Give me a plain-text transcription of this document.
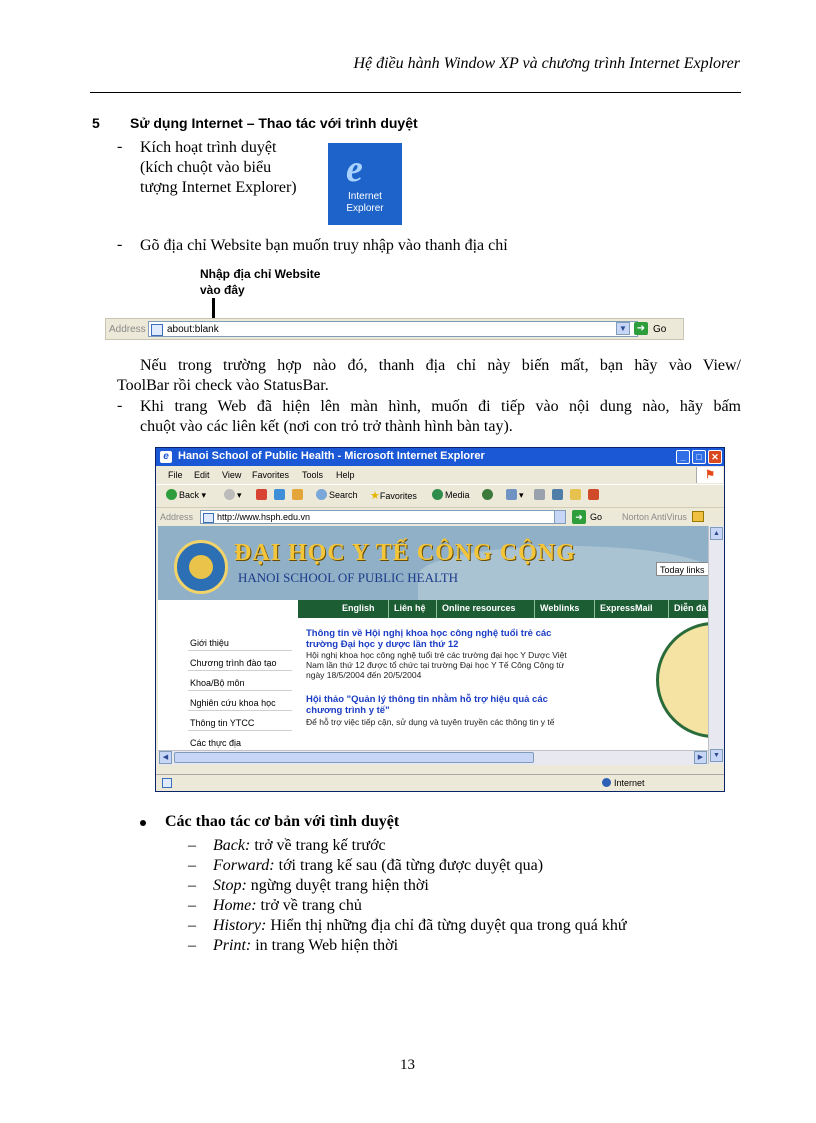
Hệ điều hành Window XP và chương trình Internet Explorer
5 Sử dụng Internet – Thao tác với trình duyệt
- Kích hoạt trình duyệt
(kích chuột vào biểu
tượng Internet Explorer) e
Internet
Explorer
- Gõ địa chỉ Website bạn muốn truy nhập vào thanh địa chỉ
Nhập địa chỉ Website
vào đây
Address about:blank	▼ ➜ Go
Nếu trong trường hợp nào đó, thanh địa chỉ này biến mất, bạn hãy vào View/
ToolBar rồi check vào StatusBar.
- Khi trang Web đã hiện lên màn hình, muốn đi tiếp vào nội dung nào, hãy bấm
chuột vào các liên kết (nơi con trỏ trở thành hình bàn tay).
e Hanoi School of Public Health - Microsoft Internet Explorer	_	□	✕
File Edit View Favorites Tools Help	⚑
Back ▾	▾	Search ★Favorites	Media	▾
Address	http://www.hsph.edu.vn	➜ Go Norton AntiVirus
ĐẠI HỌC Y TẾ CÔNG CỘNG
HANOI SCHOOL OF PUBLIC HEALTH	Today links
English Liên hệ Online resources	Weblinks ExpressMail Diễn đà
Giới thiệu
Chương trình đào tạo
Khoa/Bộ môn
Nghiên cứu khoa học
Thông tin YTCC
Các thực địa
Thông tin về Hội nghị khoa học công nghệ tuổi trẻ các
trường Đại học y dược lần thứ 12
Hội nghị khoa học công nghệ tuổi trẻ các trường đại học Y Dược Việt
Nam lần thứ 12 được tổ chức tại trường Đại học Y Tế Công Cộng từ
ngày 18/5/2004 đến 20/5/2004
Hội thảo "Quản lý thông tin nhằm hỗ trợ hiệu quả các
chương trình y tế"
Để hỗ trợ việc tiếp cận, sử dụng và tuyên truyền các thông tin y tế
▲
▼
◀	▶
Internet
Các thao tác cơ bản với tình duyệt
– Back: trở về trang kế trước
– Forward: tới trang kế sau (đã từng được duyệt qua)
– Stop: ngừng duyệt trang hiện thời
– Home: trở về trang chủ
– History: Hiển thị những địa chỉ đã từng duyệt qua trong quá khứ
– Print: in trang Web hiện thời
13
